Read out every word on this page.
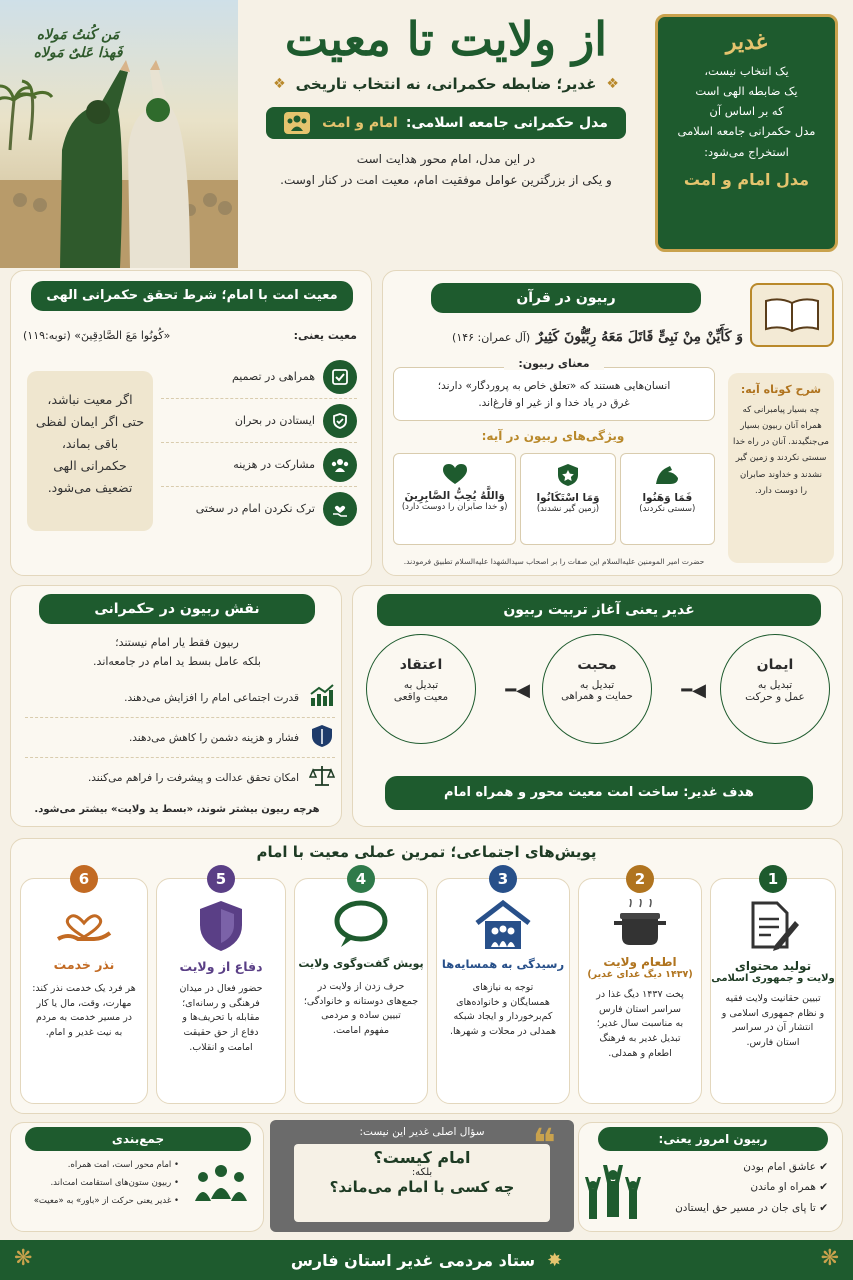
مَن کُنتُ مَولاه
فَهذا عَلیٌ مَولاه	از ولایت تا معیت
❖
غدیر؛ ضابطه حکمرانی، نه انتخاب تاریخی
❖
مدل حکمرانی جامعه اسلامی:
امام و امت
در این مدل، امام محور هدایت است
و یکی از بزرگترین عوامل موفقیت امام، معیت امت در کنار اوست.
غدیر
یک انتخاب نیست،
یک ضابطه الهی است
که بر اساس آن
مدل حکمرانی جامعه اسلامی
استخراج می‌شود:
مدل امام و امت
معیت امت با امام؛ شرط تحقق حکمرانی الهی
معیت یعنی:
«کُونُوا مَعَ الصَّادِقِینَ» (توبه:۱۱۹)
همراهی در تصمیم
ایستادن در بحران
مشارکت در هزینه
ترک نکردن امام در سختی
اگر معیت نباشد،
حتی اگر ایمان لفظی
باقی بماند،
حکمرانی الهی
تضعیف می‌شود.
ربیون در قرآن
وَ کَأَیِّنْ مِنْ نَبِیٍّ قَاتَلَ مَعَهُ رِبِّیُّونَ کَثِیرٌ
(آل عمران: ۱۴۶)
معنای ربیون:
انسان‌هایی هستند که «تعلق خاص به پروردگار» دارند؛
غرق در یاد خدا و از غیر او فارغ‌اند.
ویژگی‌های ربیون در آیه:
فَمَا وَهَنُوا
(سستی نکردند)
وَمَا اسْتَکَانُوا
(زمین گیر نشدند)
وَاللَّهُ یُحِبُّ الصَّابِرِینَ
(و خدا صابران را دوست دارد)
حضرت امیر المومنین علیه‌السلام این صفات را بر اصحاب سیدالشهدا علیه‌السلام تطبیق فرمودند.
شرح کوتاه آیه:
چه بسیار پیامبرانی که
همراه آنان ربیون بسیار
می‌جنگیدند. آنان در راه خدا
سستی نکردند و زمین گیر
نشدند و خداوند صابران
را دوست دارد.
نقش ربیون در حکمرانی
ربیون فقط یار امام نیستند؛
بلکه عامل بسط ید امام در جامعه‌اند.
قدرت اجتماعی امام را افزایش می‌دهند.
فشار و هزینه دشمن را کاهش می‌دهند.
امکان تحقق عدالت و پیشرفت را فراهم می‌کنند.
هرچه ربیون بیشتر شوند، «بسط ید ولایت» بیشتر می‌شود.
غدیر یعنی آغاز تربیت ربیون
ایمان
تبدیل به
عمل و حرکت
◀━
محبت
تبدیل به
حمایت و همراهی
◀━
اعتقاد
تبدیل به
معیت واقعی
هدف غدیر: ساخت امت معیت محور و همراه امام
پویش‌های اجتماعی؛ تمرین عملی معیت با امام
6
نذر خدمت
هر فرد یک خدمت نذر کند:
مهارت، وقت، مال یا کار
در مسیر خدمت به مردم
به نیت غدیر و امام.
5
دفاع از ولایت
حضور فعال در میدان
فرهنگی و رسانه‌ای؛
مقابله با تحریف‌ها و
دفاع از حق حقیقت
امامت و انقلاب.
4
پویش گفت‌وگوی ولایت
حرف زدن از ولایت در
جمع‌های دوستانه و خانوادگی؛
تبیین ساده و مردمی
مفهوم امامت.
3
رسیدگی به همسایه‌ها
توجه به نیازهای
همسایگان و خانواده‌های
کم‌برخوردار و ایجاد شبکه
همدلی در محلات و شهرها.
2
اطعام ولایت
(۱۴۳۷ دیگ غدای غدیر)
پخت ۱۴۳۷ دیگ غذا در
سراسر استان فارس
به مناسبت سال غدیر؛
تبدیل غدیر به فرهنگ
اطعام و همدلی.
1
تولید محتوای
ولایت و جمهوری اسلامی
تبیین حقانیت ولایت فقیه
و نظام جمهوری اسلامی و
انتشار آن در سراسر
استان فارس.
ربیون امروز یعنی:
✔ عاشق امام بودن
✔ همراه او ماندن
✔ تا پای جان در مسیر حق ایستادن
سؤال اصلی غدیر این نیست:	❝
امام کیست؟
بلکه:
چه کسی با امام می‌ماند؟
جمع‌بندی
• امام محور است، امت همراه.
• ربیون ستون‌های استقامت امت‌اند.
• غدیر یعنی حرکت از «باور» به «معیت»
✸
ستاد مردمی غدیر استان فارس
❋	❋
